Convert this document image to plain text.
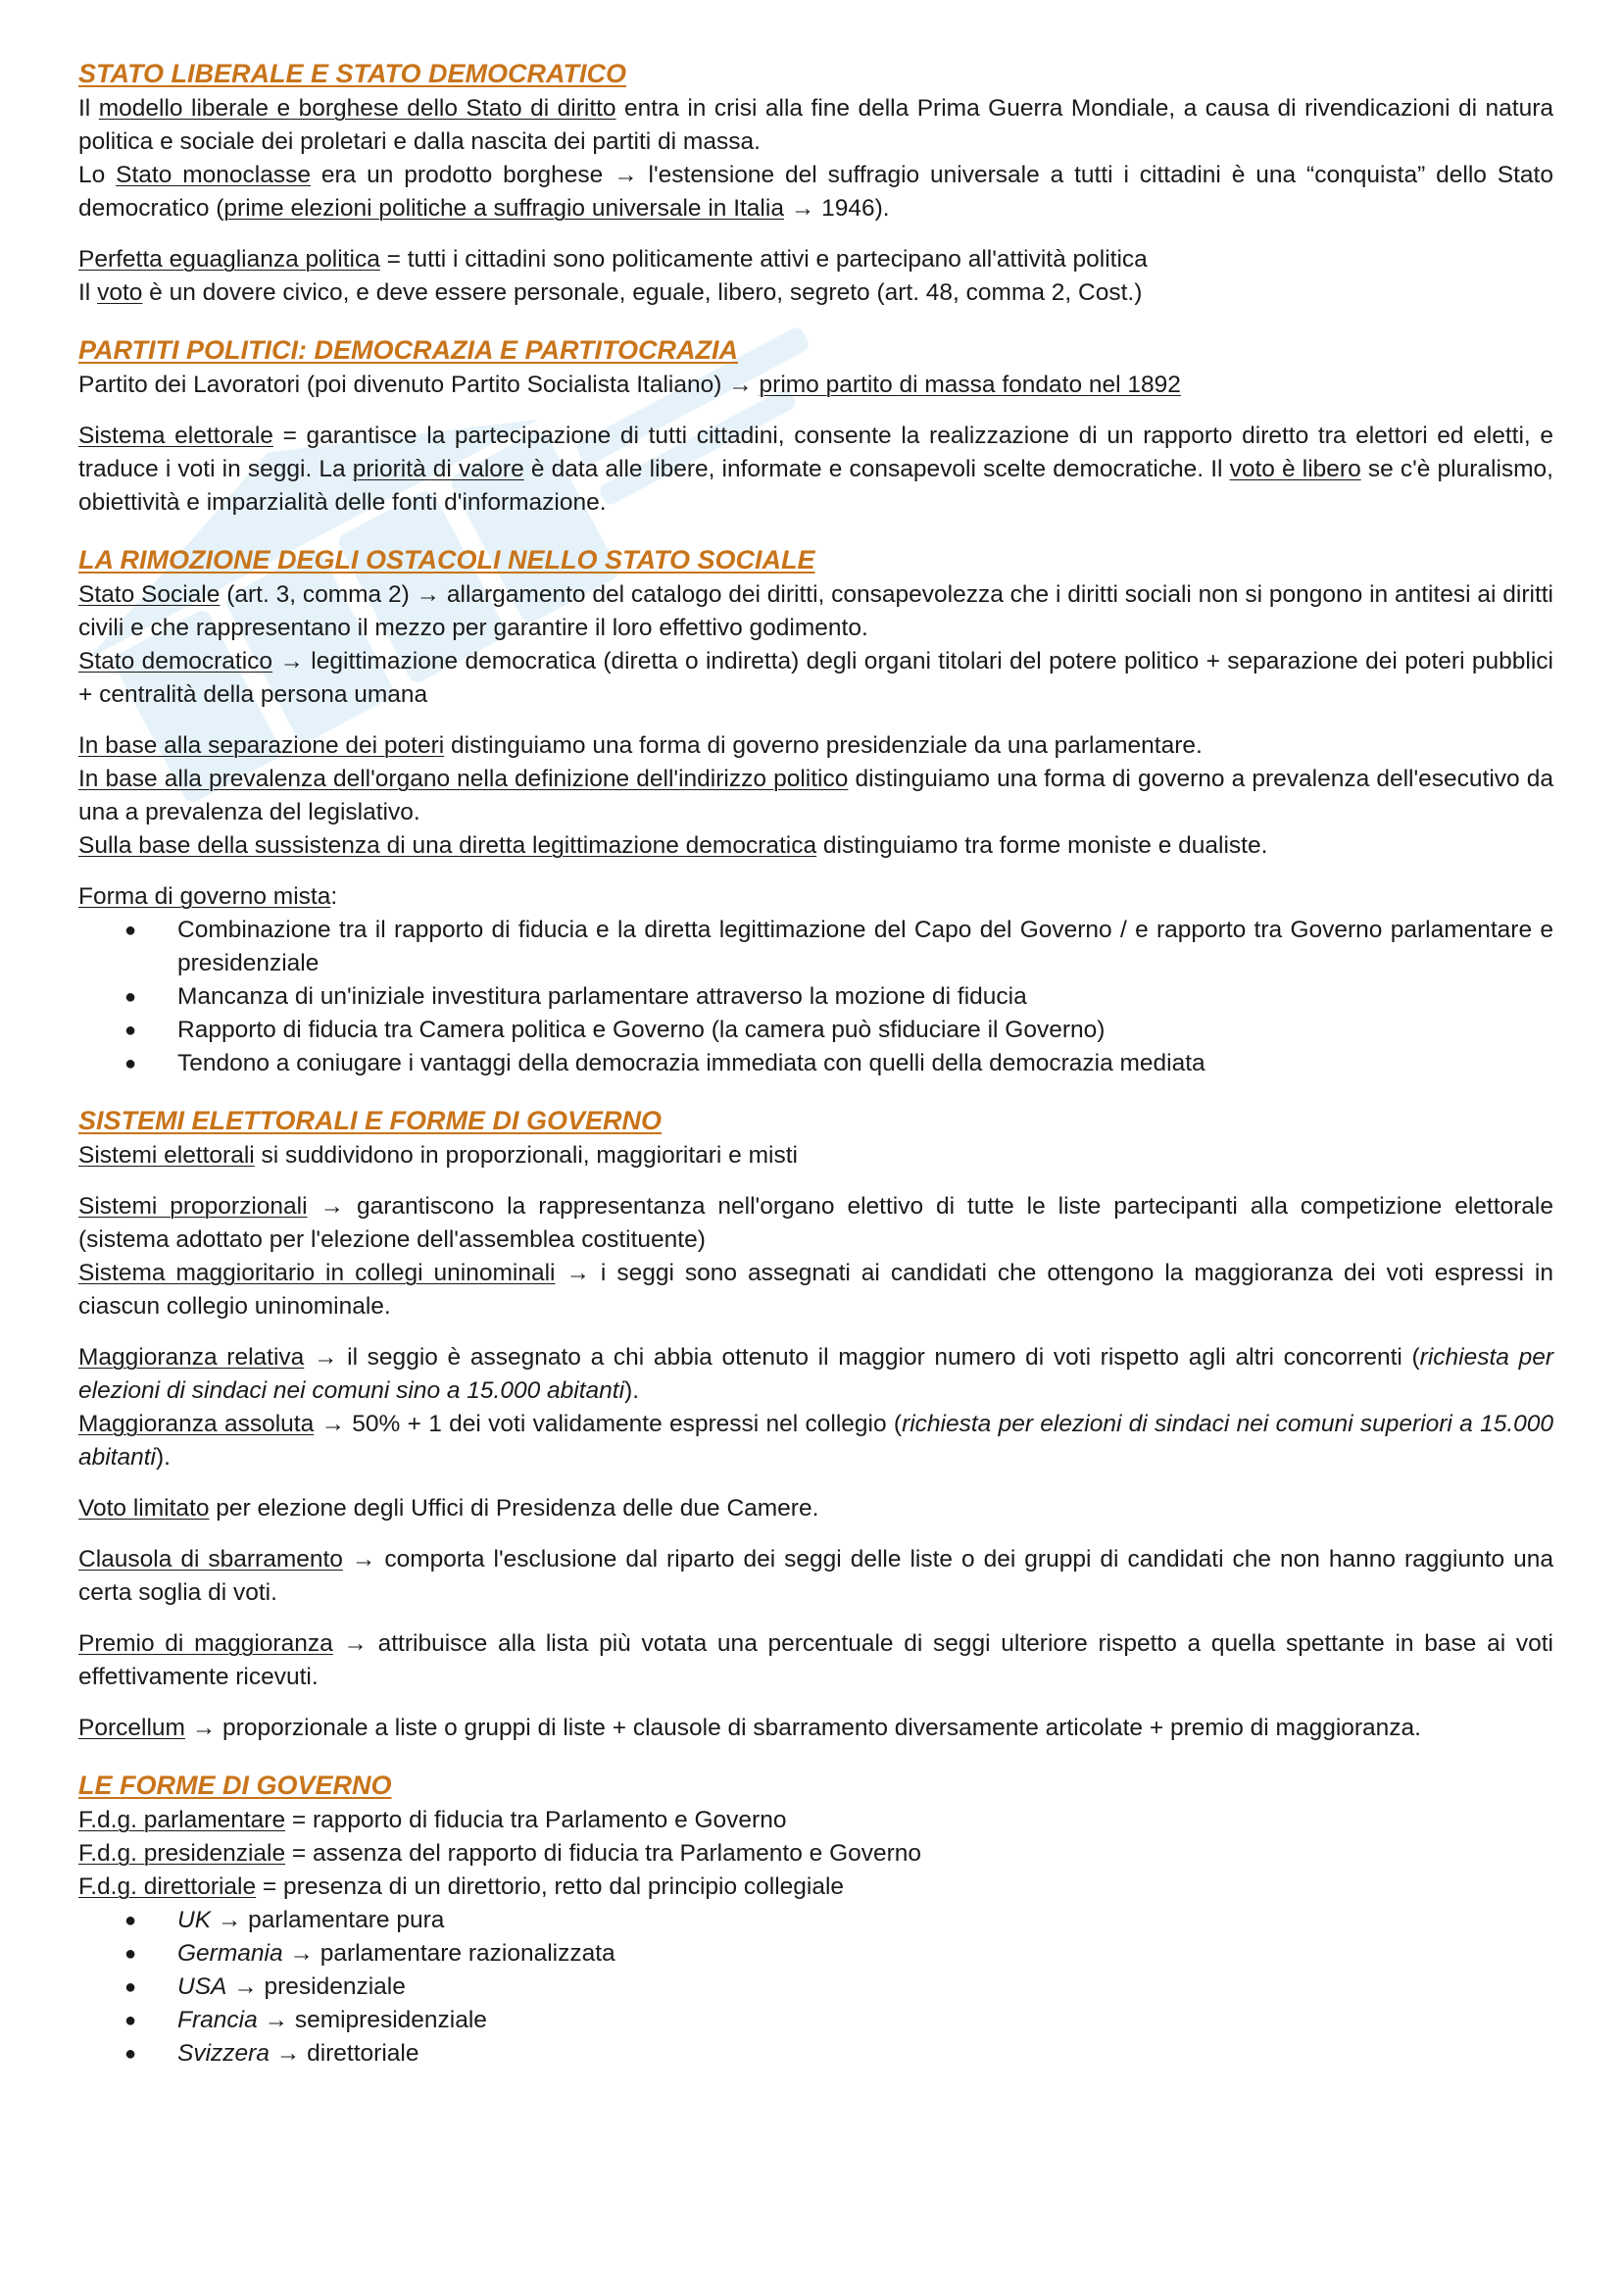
STATO LIBERALE E STATO DEMOCRATICO

Il modello liberale e borghese dello Stato di diritto entra in crisi alla fine della Prima Guerra Mondiale, a causa di rivendicazioni di natura politica e sociale dei proletari e dalla nascita dei partiti di massa.

Lo Stato monoclasse era un prodotto borghese → l'estensione del suffragio universale a tutti i cittadini è una “conquista” dello Stato democratico (prime elezioni politiche a suffragio universale in Italia → 1946).

Perfetta eguaglianza politica = tutti i cittadini sono politicamente attivi e partecipano all'attività politica

Il voto è un dovere civico, e deve essere personale, eguale, libero, segreto (art. 48, comma 2, Cost.)

PARTITI POLITICI: DEMOCRAZIA E PARTITOCRAZIA

Partito dei Lavoratori (poi divenuto Partito Socialista Italiano) → primo partito di massa fondato nel 1892

Sistema elettorale = garantisce la partecipazione di tutti cittadini, consente la realizzazione di un rapporto diretto tra elettori ed eletti, e traduce i voti in seggi. La priorità di valore è data alle libere, informate e consapevoli scelte democratiche. Il voto è libero se c'è pluralismo, obiettività e imparzialità delle fonti d'informazione.

LA RIMOZIONE DEGLI OSTACOLI NELLO STATO SOCIALE

Stato Sociale (art. 3, comma 2) → allargamento del catalogo dei diritti, consapevolezza che i diritti sociali non si pongono in antitesi ai diritti civili e che rappresentano il mezzo per garantire il loro effettivo godimento.

Stato democratico → legittimazione democratica (diretta o indiretta) degli organi titolari del potere politico + separazione dei poteri pubblici + centralità della persona umana

In base alla separazione dei poteri distinguiamo una forma di governo presidenziale da una parlamentare.

In base alla prevalenza dell'organo nella definizione dell'indirizzo politico distinguiamo una forma di governo a prevalenza dell'esecutivo da una a prevalenza del legislativo.

Sulla base della sussistenza di una diretta legittimazione democratica distinguiamo tra forme moniste e dualiste.

Forma di governo mista:

● Combinazione tra il rapporto di fiducia e la diretta legittimazione del Capo del Governo / e rapporto tra Governo parlamentare e presidenziale
● Mancanza di un'iniziale investitura parlamentare attraverso la mozione di fiducia
● Rapporto di fiducia tra Camera politica e Governo (la camera può sfiduciare il Governo)
● Tendono a coniugare i vantaggi della democrazia immediata con quelli della democrazia mediata
SISTEMI ELETTORALI E FORME DI GOVERNO

Sistemi elettorali si suddividono in proporzionali, maggioritari e misti

Sistemi proporzionali → garantiscono la rappresentanza nell'organo elettivo di tutte le liste partecipanti alla competizione elettorale (sistema adottato per l'elezione dell'assemblea costituente)

Sistema maggioritario in collegi uninominali → i seggi sono assegnati ai candidati che ottengono la maggioranza dei voti espressi in ciascun collegio uninominale.

Maggioranza relativa → il seggio è assegnato a chi abbia ottenuto il maggior numero di voti rispetto agli altri concorrenti (richiesta per elezioni di sindaci nei comuni sino a 15.000 abitanti).

Maggioranza assoluta → 50% + 1 dei voti validamente espressi nel collegio (richiesta per elezioni di sindaci nei comuni superiori a 15.000 abitanti).

Voto limitato per elezione degli Uffici di Presidenza delle due Camere.

Clausola di sbarramento → comporta l'esclusione dal riparto dei seggi delle liste o dei gruppi di candidati che non hanno raggiunto una certa soglia di voti.

Premio di maggioranza → attribuisce alla lista più votata una percentuale di seggi ulteriore rispetto a quella spettante in base ai voti effettivamente ricevuti.

Porcellum → proporzionale a liste o gruppi di liste + clausole di sbarramento diversamente articolate + premio di maggioranza.

LE FORME DI GOVERNO

F.d.g. parlamentare = rapporto di fiducia tra Parlamento e Governo

F.d.g. presidenziale = assenza del rapporto di fiducia tra Parlamento e Governo

F.d.g. direttoriale = presenza di un direttorio, retto dal principio collegiale

● UK → parlamentare pura
● Germania → parlamentare razionalizzata
● USA → presidenziale
● Francia → semipresidenziale
● Svizzera → direttoriale
